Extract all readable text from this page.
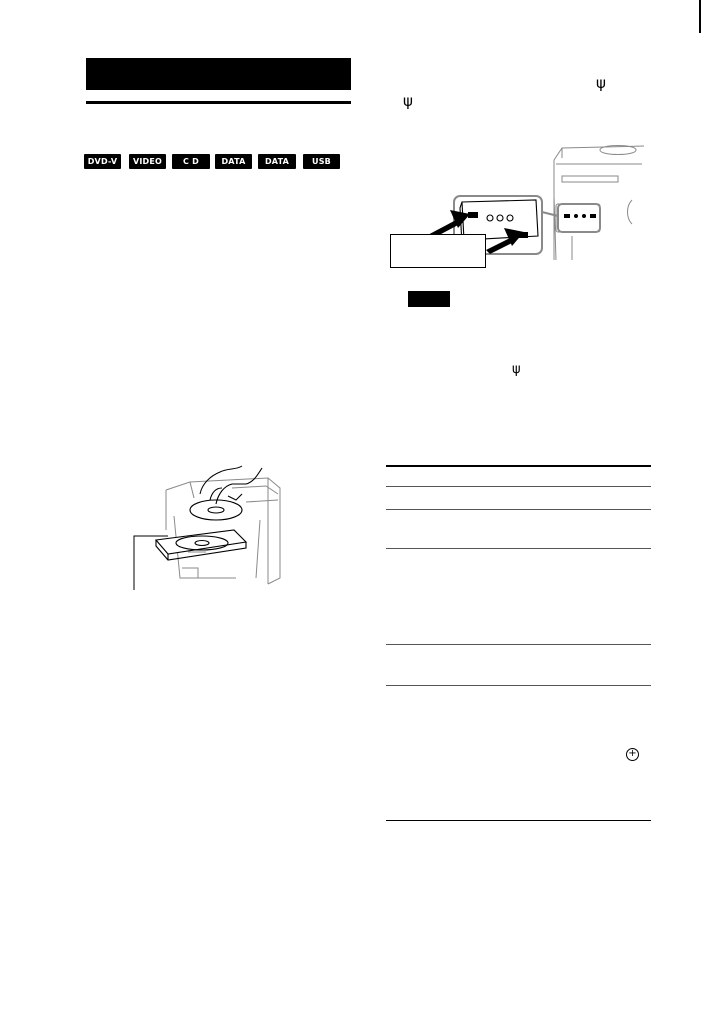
DVD-V	VIDEO CD
C D	DATA CD
DATA DVD
USB
ψ
ψ
ψ
+
